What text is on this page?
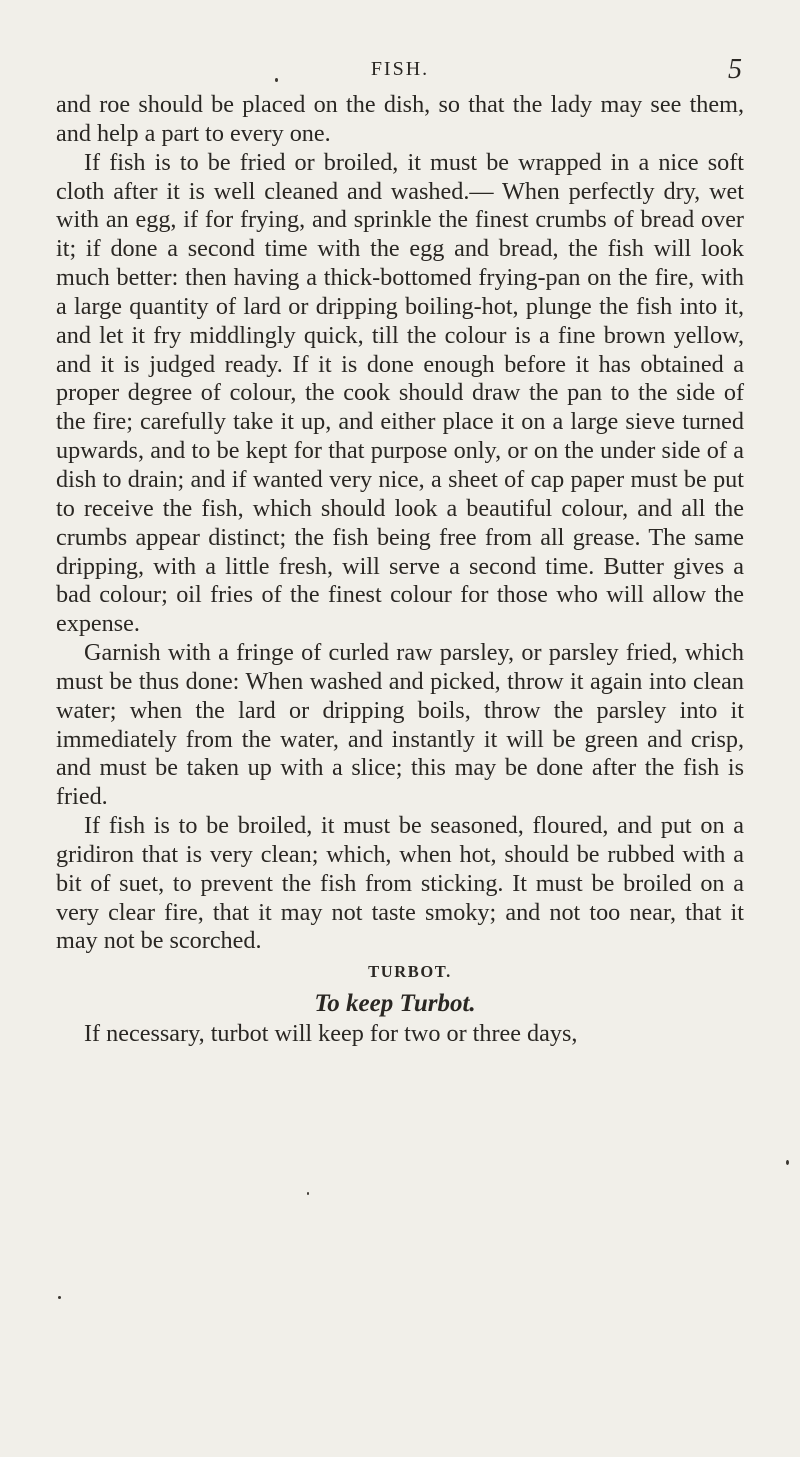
FISH.	5

and roe should be placed on the dish, so that the lady may see them, and help a part to every one.

If fish is to be fried or broiled, it must be wrapped in a nice soft cloth after it is well cleaned and washed.— When perfectly dry, wet with an egg, if for frying, and sprinkle the finest crumbs of bread over it; if done a second time with the egg and bread, the fish will look much better: then having a thick-bottomed frying-pan on the fire, with a large quantity of lard or dripping boiling-hot, plunge the fish into it, and let it fry middlingly quick, till the colour is a fine brown yellow, and it is judged ready. If it is done enough before it has obtained a proper degree of colour, the cook should draw the pan to the side of the fire; carefully take it up, and either place it on a large sieve turned upwards, and to be kept for that purpose only, or on the under side of a dish to drain; and if wanted very nice, a sheet of cap paper must be put to receive the fish, which should look a beautiful colour, and all the crumbs appear distinct; the fish being free from all grease. The same dripping, with a little fresh, will serve a second time. Butter gives a bad colour; oil fries of the finest colour for those who will allow the expense.

Garnish with a fringe of curled raw parsley, or parsley fried, which must be thus done: When washed and picked, throw it again into clean water; when the lard or dripping boils, throw the parsley into it immediately from the water, and instantly it will be green and crisp, and must be taken up with a slice; this may be done after the fish is fried.

If fish is to be broiled, it must be seasoned, floured, and put on a gridiron that is very clean; which, when hot, should be rubbed with a bit of suet, to prevent the fish from sticking. It must be broiled on a very clear fire, that it may not taste smoky; and not too near, that it may not be scorched.

TURBOT.
To keep Turbot.

If necessary, turbot will keep for two or three days,
